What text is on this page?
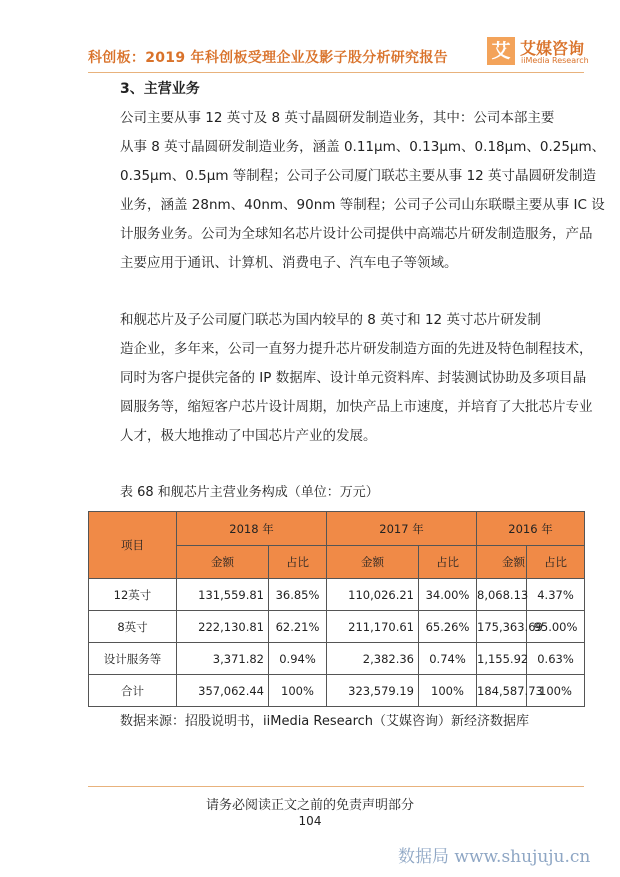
科创板：2019 年科创板受理企业及影子股分析研究报告 艾 艾媒咨询
iiMedia Research
3、主营业务

公司主要从事 12 英寸及 8 英寸晶圆研发制造业务，其中：公司本部主要
从事 8 英寸晶圆研发制造业务，涵盖 0.11μm、0.13μm、0.18μm、0.25μm、
0.35μm、0.5μm 等制程；公司子公司厦门联芯主要从事 12 英寸晶圆研发制造
业务，涵盖 28nm、40nm、90nm 等制程；公司子公司山东联暻主要从事 IC 设
计服务业务。公司为全球知名芯片设计公司提供中高端芯片研发制造服务，产品
主要应用于通讯、计算机、消费电子、汽车电子等领域。

和舰芯片及子公司厦门联芯为国内较早的 8 英寸和 12 英寸芯片研发制
造企业，多年来，公司一直努力提升芯片研发制造方面的先进及特色制程技术，
同时为客户提供完备的 IP 数据库、设计单元资料库、封装测试协助及多项目晶
圆服务等，缩短客户芯片设计周期，加快产品上市速度，并培育了大批芯片专业
人才，极大地推动了中国芯片产业的发展。

表 68 和舰芯片主营业务构成（单位：万元）
项目	2018 年		2017 年		2016 年	
	金额	占比	金额	占比	金额	占比
12英寸	131,559.81	36.85%	110,026.21	34.00%	8,068.13	4.37%
8英寸	222,130.81	62.21%	211,170.61	65.26%	175,363.69	95.00%
设计服务等	3,371.82	0.94%	2,382.36	0.74%	1,155.92	0.63%
合计	357,062.44	100%	323,579.19	100%	184,587.73	100%
数据来源：招股说明书，iiMedia Research（艾媒咨询）新经济数据库
请务必阅读正文之前的免责声明部分
104
数据局 www.shujuju.cn
